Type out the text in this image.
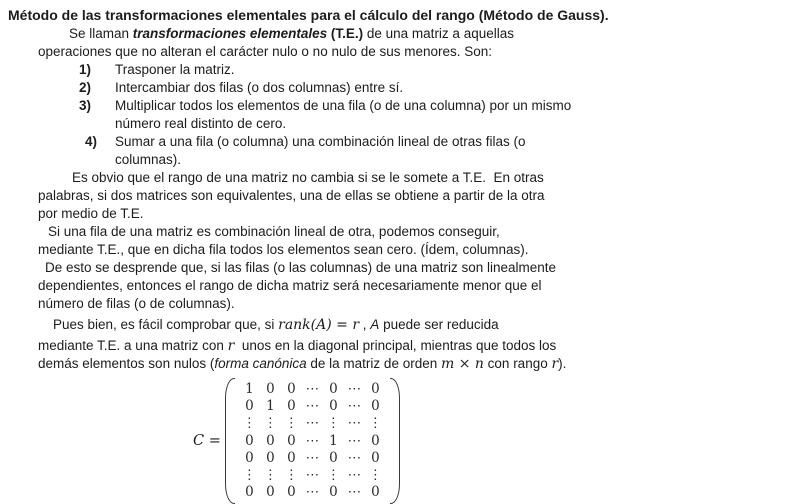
Método de las transformaciones elementales para el cálculo del rango (Método de Gauss).
Se llaman transformaciones elementales (T.E.) de una matriz a aquellas
operaciones que no alteran el carácter nulo o no nulo de sus menores. Son:
1) Trasponer la matriz.
2) Intercambiar dos filas (o dos columnas) entre sí.
3) Multiplicar todos los elementos de una fila (o de una columna) por un mismo
número real distinto de cero.
4) Sumar a una fila (o columna) una combinación lineal de otras filas (o
columnas).
Es obvio que el rango de una matriz no cambia si se le somete a T.E.  En otras
palabras, si dos matrices son equivalentes, una de ellas se obtiene a partir de la otra
por medio de T.E.
Si una fila de una matriz es combinación lineal de otra, podemos conseguir,
mediante T.E., que en dicha fila todos los elementos sean cero. (Ídem, columnas).
De esto se desprende que, si las filas (o las columnas) de una matriz son linealmente
dependientes, entonces el rango de dicha matriz será necesariamente menor que el
número de filas (o de columnas).
Pues bien, es fácil comprobar que, si rank(A) = r , A puede ser reducida
mediante T.E. a una matriz con r  unos en la diagonal principal, mientras que todos los
demás elementos son nulos (forma canónica de la matriz de orden m × n con rango r).
C =
1 0 0 ⋯ 0 ⋯ 0
0 1 0 ⋯ 0 ⋯ 0
⋮ ⋮ ⋮ ⋯ ⋮ ⋯ ⋮
0 0 0 ⋯ 1 ⋯ 0
0 0 0 ⋯ 0 ⋯ 0
⋮ ⋮ ⋮ ⋯ ⋮ ⋯ ⋮
0 0 0 ⋯ 0 ⋯ 0
